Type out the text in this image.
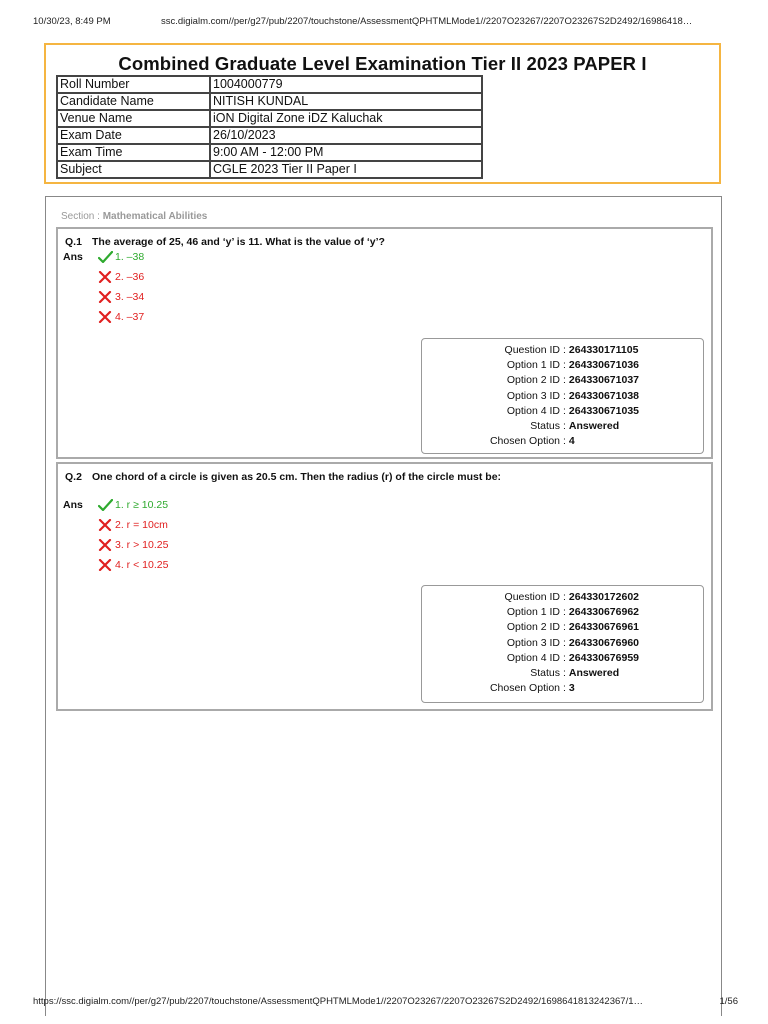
10/30/23, 8:49 PM	ssc.digialm.com//per/g27/pub/2207/touchstone/AssessmentQPHTMLMode1//2207O23267/2207O23267S2D2492/16986418…
Combined Graduate Level Examination Tier II 2023 PAPER I
Roll Number	1004000779
Candidate Name	NITISH KUNDAL
Venue Name	iON Digital Zone iDZ Kaluchak
Exam Date	26/10/2023
Exam Time	9:00 AM - 12:00 PM
Subject	CGLE 2023 Tier II Paper I
Section : Mathematical Abilities
Q.1 The average of 25, 46 and ‘y’ is 11. What is the value of ‘y’?
Ans	1. –38
2. –36
3. –34
4. –37
Question ID : 264330171105
Option 1 ID : 264330671036
Option 2 ID : 264330671037
Option 3 ID : 264330671038
Option 4 ID : 264330671035
Status : Answered
Chosen Option : 4
Q.2 One chord of a circle is given as 20.5 cm. Then the radius (r) of the circle must be:
Ans	1. r ≥ 10.25
2. r = 10cm
3. r > 10.25
4. r < 10.25
Question ID : 264330172602
Option 1 ID : 264330676962
Option 2 ID : 264330676961
Option 3 ID : 264330676960
Option 4 ID : 264330676959
Status : Answered
Chosen Option : 3
https://ssc.digialm.com//per/g27/pub/2207/touchstone/AssessmentQPHTMLMode1//2207O23267/2207O23267S2D2492/1698641813242367/1…	1/56
